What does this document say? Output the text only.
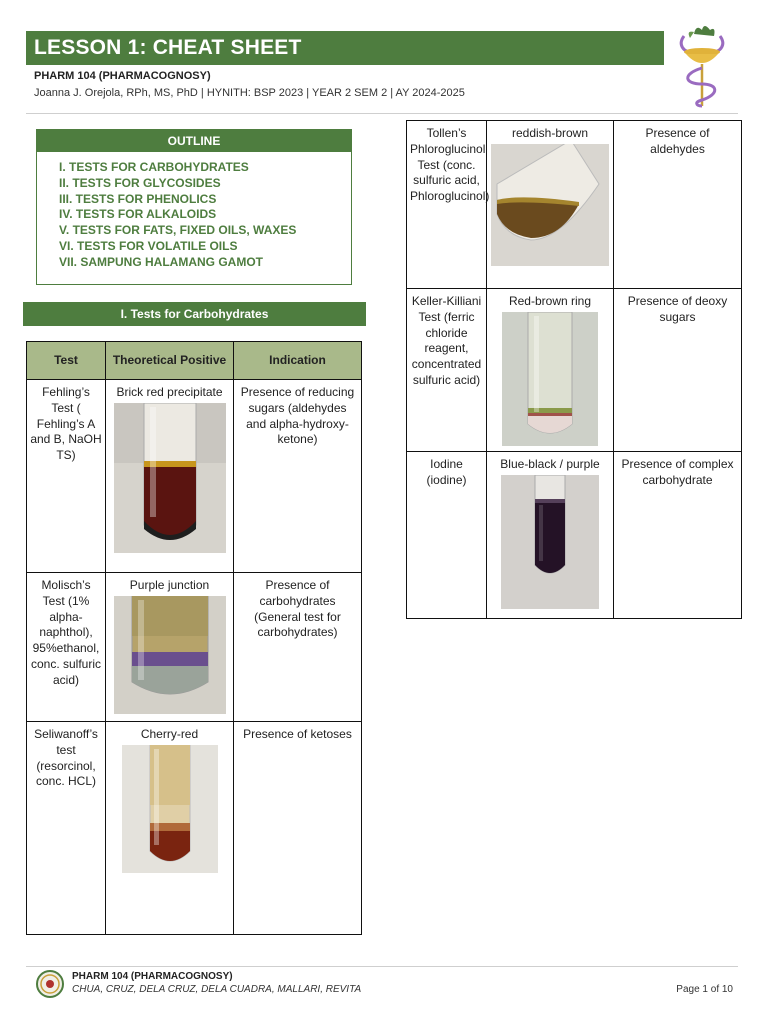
LESSON 1: CHEAT SHEET
PHARM 104 (PHARMACOGNOSY)
Joanna J. Orejola, RPh, MS, PhD | HYNITH: BSP 2023 | YEAR 2 SEM 2 | AY 2024-2025
OUTLINE
I. TESTS FOR CARBOHYDRATES
II. TESTS FOR GLYCOSIDES
III. TESTS FOR PHENOLICS
IV. TESTS FOR ALKALOIDS
V. TESTS FOR FATS, FIXED OILS, WAXES
VI. TESTS FOR VOLATILE OILS
VII. SAMPUNG HALAMANG GAMOT
I. Tests for Carbohydrates
Test	Theoretical Positive	Indication
Fehling’s Test ( Fehling’s A and B, NaOH TS)	Brick red precipitate	Presence of reducing sugars (aldehydes and alpha-hydroxy-ketone)
Molisch’s Test (1% alpha-naphthol), 95%ethanol, conc. sulfuric acid)	Purple junction	Presence of carbohydrates (General test for carbohydrates)
Seliwanoff’s test (resorcinol, conc. HCL)	Cherry-red	Presence of ketoses
Tollen’s Phloroglucinol Test (conc. sulfuric acid, Phloroglucinol)	reddish-brown	Presence of aldehydes
Keller-Killiani Test (ferric chloride reagent, concentrated sulfuric acid)	Red-brown ring	Presence of deoxy sugars
Iodine (iodine)	Blue-black / purple	Presence of complex carbohydrate
PHARM 104 (PHARMACOGNOSY)
CHUA, CRUZ, DELA CRUZ, DELA CUADRA, MALLARI, REVITA	Page 1 of 10
